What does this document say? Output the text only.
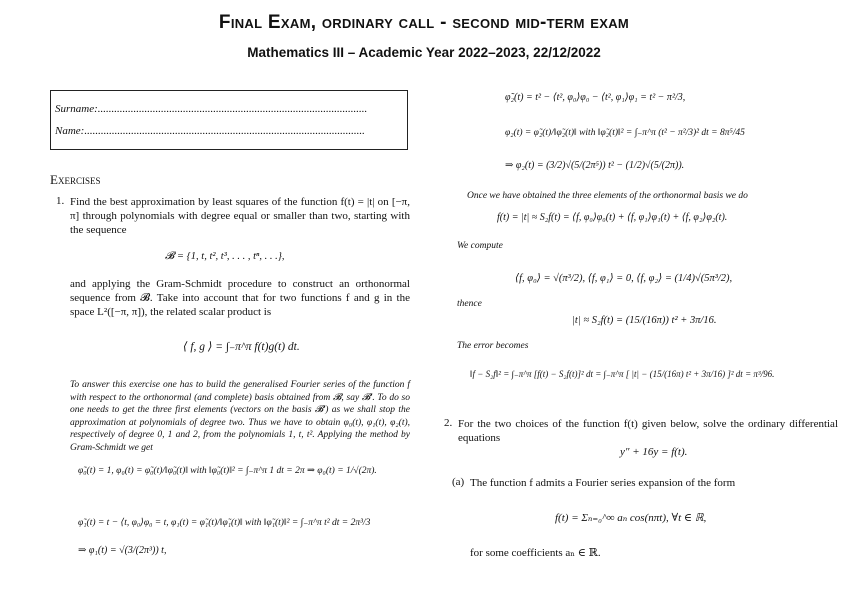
Final Exam, ordinary call - second mid-term exam
Mathematics III – Academic Year 2022–2023, 22/12/2022
Surname:..................................................................................................
Name:......................................................................................................
Exercises
1. Find the best approximation by least squares of the function f(t) = |t| on [−π, π] through polynomials with degree equal or smaller than two, starting with the sequence
𝓑 = {1, t, t², t³, . . . , tⁿ, . . .},
and applying the Gram-Schmidt procedure to construct an orthonormal sequence from 𝓑. Take into account that for two functions f and g in the space L²([−π, π]), the related scalar product is
⟨ f, g ⟩ = ∫₋π^π f(t)g(t) dt.
To answer this exercise one has to build the generalised Fourier series of the function f with respect to the orthonormal (and complete) basis obtained from 𝓑, say 𝓑'. To do so one needs to get the three first elements (vectors on the basis 𝓑') as we shall stop the approximation at polynomials of degree two. Thus we have to obtain φ₀(t), φ₁(t), φ₂(t), respectively of degree 0, 1 and 2, from the polynomials 1, t, t². Applying the method by Gram-Schmidt we get
φ̃₀(t) = 1, φ₀(t) = φ̃₀(t)/‖φ̃₀(t)‖ with ‖φ̃₀(t)‖² = ∫₋π^π 1 dt = 2π ⇒ φ₀(t) = 1/√(2π).
φ̃₁(t) = t − ⟨t, φ₀⟩φ₀ = t, φ₁(t) = φ̃₁(t)/‖φ̃₁(t)‖ with ‖φ̃₁(t)‖² = ∫₋π^π t² dt = 2π³/3
⇒ φ₁(t) = √(3/(2π³)) t,
φ̃₂(t) = t² − ⟨t², φ₀⟩φ₀ − ⟨t², φ₁⟩φ₁ = t² − π²/3,
φ₂(t) = φ̃₂(t)/‖φ̃₂(t)‖ with ‖φ̃₂(t)‖² = ∫₋π^π (t² − π²/3)² dt = 8π⁵/45
⇒ φ₂(t) = (3/2)√(5/(2π⁵)) t² − (1/2)√(5/(2π)).
Once we have obtained the three elements of the orthonormal basis we do
f(t) = |t| ≈ S₂f(t) = ⟨f, φ₀⟩φ₀(t) + ⟨f, φ₁⟩φ₁(t) + ⟨f, φ₂⟩φ₂(t).
We compute
⟨f, φ₀⟩ = √(π³/2), ⟨f, φ₁⟩ = 0, ⟨f, φ₂⟩ = (1/4)√(5π³/2),
thence
|t| ≈ S₂f(t) = (15/(16π)) t² + 3π/16.
The error becomes
‖f − S₂f‖² = ∫₋π^π [f(t) − S₂f(t)]² dt = ∫₋π^π [ |t| − (15/(16π) t² + 3π/16) ]² dt = π³/96.
2. For the two choices of the function f(t) given below, solve the ordinary differential equations
y″ + 16y = f(t).
(a) The function f admits a Fourier series expansion of the form
f(t) = Σₙ₌₀^∞ aₙ cos(nπt), ∀t ∈ ℝ,
for some coefficients aₙ ∈ ℝ.
